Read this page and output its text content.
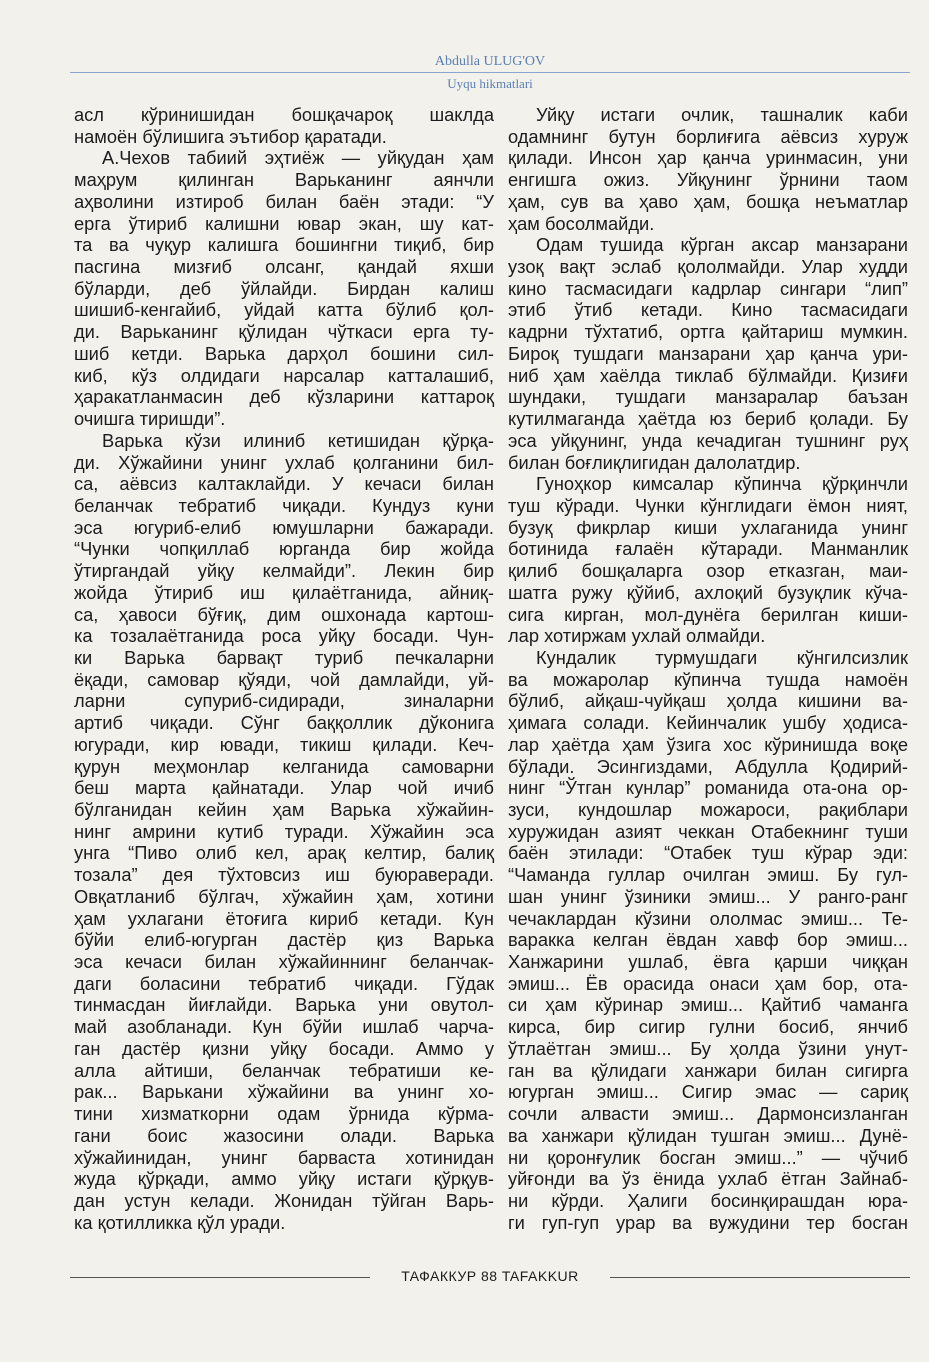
Abdulla ULUG'OV
Uyqu hikmatlari
асл кўринишидан бошқачароқ шаклда
намоён бўлишига эътибор қаратади.
А.Чехов табиий эҳтиёж — уйқудан ҳам
маҳрум қилинган Варьканинг аянчли
аҳволини изтироб билан баён этади: “У
ерга ўтириб калишни ювар экан, шу кат-
та ва чуқур калишга бошингни тиқиб, бир
пасгина мизғиб олсанг, қандай яхши
бўларди, деб ўйлайди. Бирдан калиш
шишиб-кенгайиб, уйдай катта бўлиб қол-
ди. Варьканинг қўлидан чўткаси ерга ту-
шиб кетди. Варька дарҳол бошини сил-
киб, кўз олдидаги нарсалар катталашиб,
ҳаракатланмасин деб кўзларини каттароқ
очишга тиришди”.
Варька кўзи илиниб кетишидан қўрқа-
ди. Хўжайини унинг ухлаб қолганини бил-
са, аёвсиз калтаклайди. У кечаси билан
беланчак тебратиб чиқади. Кундуз куни
эса югуриб-елиб юмушларни бажаради.
“Чунки чопқиллаб юрганда бир жойда
ўтиргандай уйқу келмайди”. Лекин бир
жойда ўтириб иш қилаётганида, айниқ-
са, ҳавоси бўғиқ, дим ошхонада картош-
ка тозалаётганида роса уйқу босади. Чун-
ки Варька барвақт туриб печкаларни
ёқади, самовар қўяди, чой дамлайди, уй-
ларни супуриб-сидиради, зиналарни
артиб чиқади. Сўнг баққоллик дўконига
югуради, кир ювади, тикиш қилади. Кеч-
қурун меҳмонлар келганида самоварни
беш марта қайнатади. Улар чой ичиб
бўлганидан кейин ҳам Варька хўжайин-
нинг амрини кутиб туради. Хўжайин эса
унга “Пиво олиб кел, арақ келтир, балиқ
тозала” дея тўхтовсиз иш буюраверади.
Овқатланиб бўлгач, хўжайин ҳам, хотини
ҳам ухлагани ётоғига кириб кетади. Кун
бўйи елиб-югурган дастёр қиз Варька
эса кечаси билан хўжайиннинг беланчак-
даги боласини тебратиб чиқади. Гўдак
тинмасдан йиғлайди. Варька уни овутол-
май азобланади. Кун бўйи ишлаб чарча-
ган дастёр қизни уйқу босади. Аммо у
алла айтиши, беланчак тебратиши ке-
рак... Варькани хўжайини ва унинг хо-
тини хизматкорни одам ўрнида кўрма-
гани боис жазосини олади. Варька
хўжайинидан, унинг барваста хотинидан
жуда қўрқади, аммо уйқу истаги қўрқув-
дан устун келади. Жонидан тўйган Варь-
ка қотилликка қўл уради.
Уйқу истаги очлик, ташналик каби
одамнинг бутун борлиғига аёвсиз хуруж
қилади. Инсон ҳар қанча уринмасин, уни
енгишга ожиз. Уйқунинг ўрнини таом
ҳам, сув ва ҳаво ҳам, бошқа неъматлар
ҳам босолмайди.
Одам тушида кўрган аксар манзарани
узоқ вақт эслаб қололмайди. Улар худди
кино тасмасидаги кадрлар сингари “лип”
этиб ўтиб кетади. Кино тасмасидаги
кадрни тўхтатиб, ортга қайтариш мумкин.
Бироқ тушдаги манзарани ҳар қанча ури-
ниб ҳам хаёлда тиклаб бўлмайди. Қизиғи
шундаки, тушдаги манзаралар баъзан
кутилмаганда ҳаётда юз бериб қолади. Бу
эса уйқунинг, унда кечадиган тушнинг руҳ
билан боғлиқлигидан далолатдир.
Гуноҳкор кимсалар кўпинча қўрқинчли
туш кўради. Чунки кўнглидаги ёмон ният,
бузуқ фикрлар киши ухлаганида унинг
ботинида ғалаён кўтаради. Манманлик
қилиб бошқаларга озор етказган, маи-
шатга ружу қўйиб, ахлоқий бузуқлик кўча-
сига кирган, мол-дунёга берилган киши-
лар хотиржам ухлай олмайди.
Кундалик турмушдаги кўнгилсизлик
ва можаролар кўпинча тушда намоён
бўлиб, айқаш-чуйқаш ҳолда кишини ва-
ҳимага солади. Кейинчалик ушбу ҳодиса-
лар ҳаётда ҳам ўзига хос кўринишда воқе
бўлади. Эсингиздами, Абдулла Қодирий-
нинг “Ўтган кунлар” романида ота-она ор-
зуси, кундошлар можароси, рақиблари
хуружидан азият чеккан Отабекнинг туши
баён этилади: “Отабек туш кўрар эди:
“Чаманда гуллар очилган эмиш. Бу гул-
шан унинг ўзиники эмиш... У ранго-ранг
чечаклардан кўзини ололмас эмиш... Те-
варакка келган ёвдан хавф бор эмиш...
Ханжарини ушлаб, ёвга қарши чиққан
эмиш... Ёв орасида онаси ҳам бор, ота-
си ҳам кўринар эмиш... Қайтиб чаманга
кирса, бир сигир гулни босиб, янчиб
ўтлаётган эмиш... Бу ҳолда ўзини унут-
ган ва қўлидаги ханжари билан сигирга
югурган эмиш... Сигир эмас — сариқ
сочли алвасти эмиш... Дармонсизланган
ва ханжари қўлидан тушган эмиш... Дунё-
ни қоронғулик босган эмиш...” — чўчиб
уйғонди ва ўз ёнида ухлаб ётган Зайнаб-
ни кўрди. Ҳалиги босинқирашдан юра-
ги гуп-гуп урар ва вужудини тер босган
ТАФАККУР 88 TAFAKKUR
